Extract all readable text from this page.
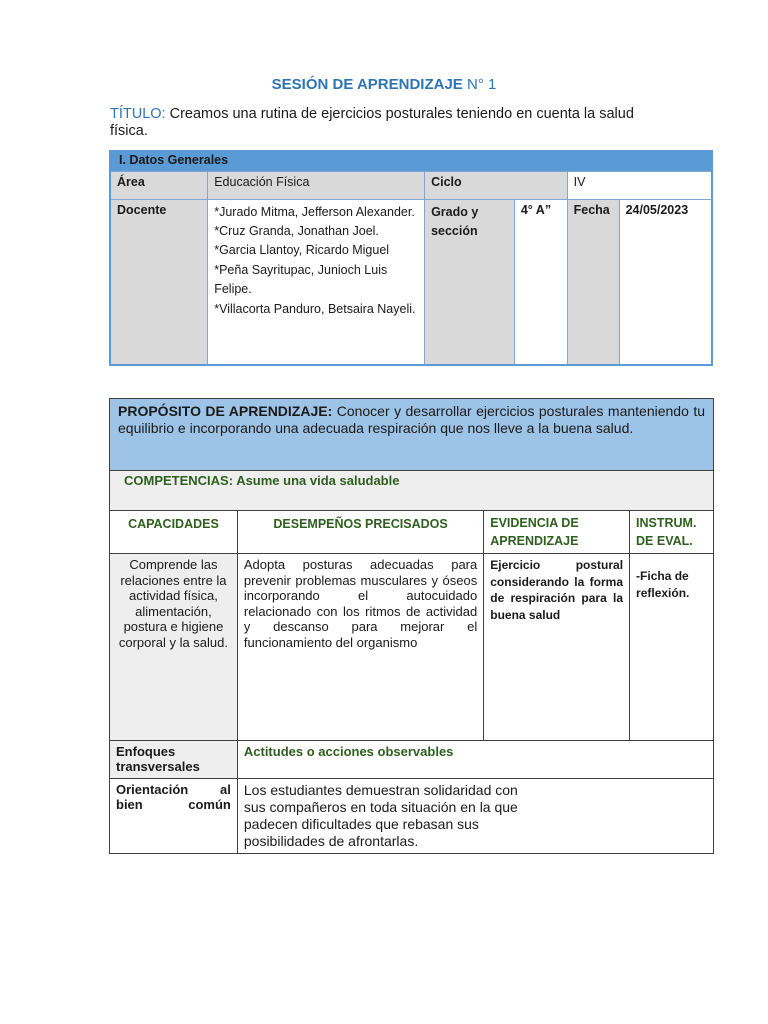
SESIÓN DE APRENDIZAJE N° 1
TÍTULO: Creamos una rutina de ejercicios posturales teniendo en cuenta la salud física.
I. Datos Generales					
Área	Educación Física	Ciclo		IV	
Docente	*Jurado Mitma, Jefferson Alexander.
*Cruz Granda, Jonathan Joel.
*Garcia Llantoy, Ricardo Miguel
*Peña Sayritupac, Junioch Luis Felipe.
*Villacorta Panduro, Betsaira Nayeli.	Grado y sección	4° A”	Fecha	24/05/2023
PROPÓSITO DE APRENDIZAJE: Conocer y desarrollar ejercicios posturales manteniendo tu equilibrio e incorporando una adecuada respiración que nos lleve a la buena salud.			
COMPETENCIAS: Asume una vida saludable			
CAPACIDADES	DESEMPEÑOS PRECISADOS	EVIDENCIA DE APRENDIZAJE	INSTRUM. DE EVAL.
Comprende las relaciones entre la actividad física, alimentación, postura e higiene corporal y la salud.	Adopta posturas adecuadas para prevenir problemas musculares y óseos incorporando el autocuidado relacionado con los ritmos de actividad y descanso para mejorar el funcionamiento del organismo	Ejercicio postural considerando la forma de respiración para la buena salud	-Ficha de reflexión.
Enfoques transversales	Actitudes o acciones observables		
Orientación al bien común	Los estudiantes demuestran solidaridad con sus compañeros en toda situación en la que padecen dificultades que rebasan sus posibilidades de afrontarlas.		
